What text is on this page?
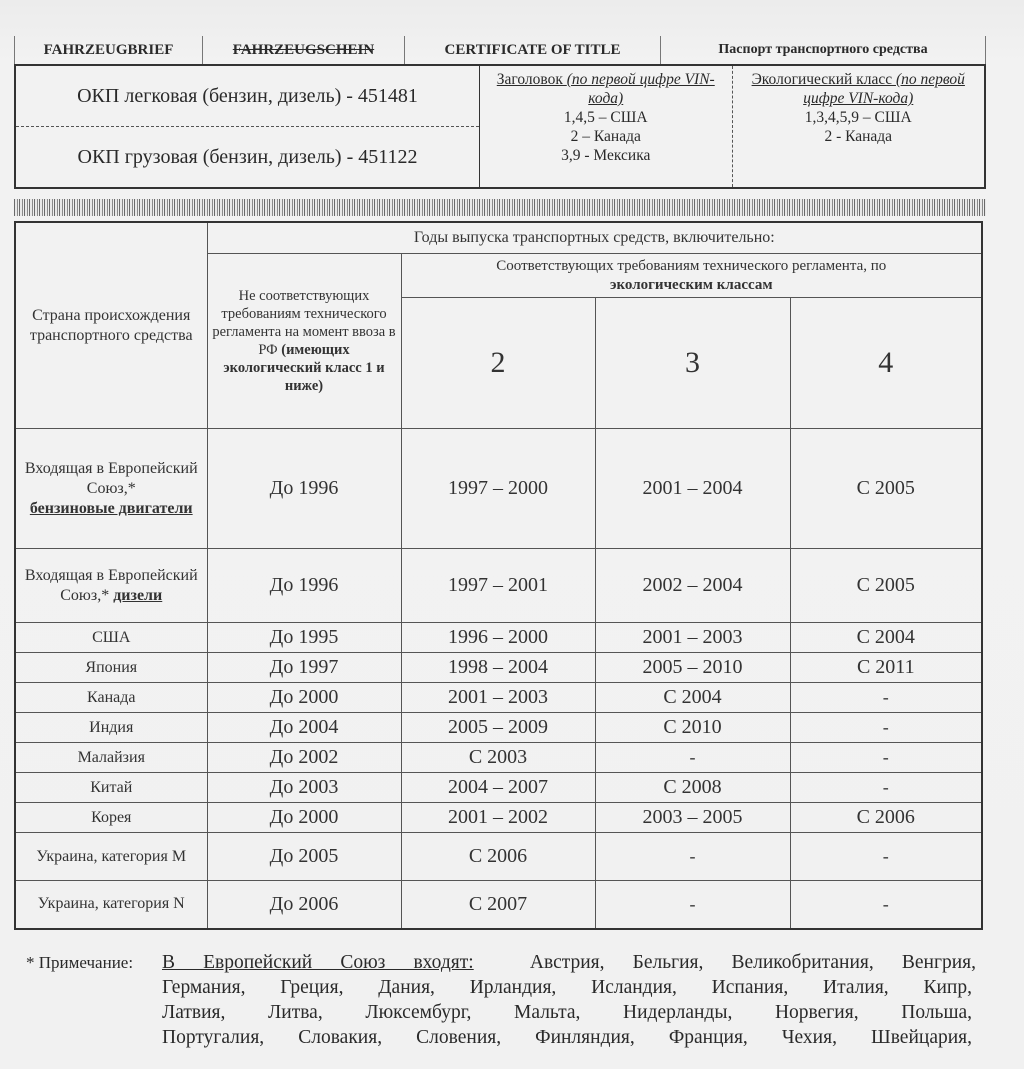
FAHRZEUGBRIEF	FAHRZEUGSCHEIN	CERTIFICATE OF TITLE	Паспорт транспортного средства
ОКП легковая (бензин, дизель) - 451481
ОКП грузовая (бензин, дизель) - 451122
Заголовок (по первой цифре VIN-кода)
1,4,5 – США
2 – Канада
3,9 - Мексика
Экологический класс (по первой цифре VIN-кода)
1,3,4,5,9 – США
2 - Канада
Страна происхождения транспортного средства	Годы выпуска транспортных средств, включительно:			
	Не соответствующих требованиям технического регламента на момент ввоза в РФ (имеющих экологический класс 1 и ниже)	Соответствующих требованиям технического регламента, по
экологическим классам		
		2	3	4
Входящая в Европейский Союз,*
бензиновые двигатели	До 1996	1997 – 2000	2001 – 2004	С 2005
Входящая в Европейский Союз,* дизели	До 1996	1997 – 2001	2002 – 2004	С 2005
США	До 1995	1996 – 2000	2001 – 2003	С 2004
Япония	До 1997	1998 – 2004	2005 – 2010	С 2011
Канада	До 2000	2001 – 2003	С 2004	-
Индия	До 2004	2005 – 2009	С 2010	-
Малайзия	До 2002	С 2003	-	-
Китай	До 2003	2004 – 2007	С 2008	-
Корея	До 2000	2001 – 2002	2003 – 2005	С 2006
Украина, категория M	До 2005	С 2006	-	-
Украина, категория N	До 2006	С 2007	-	-
* Примечание: В Европейский Союз входят:	Австрия, Бельгия, Великобритания, Венгрия,
Германия, Греция, Дания, Ирландия, Исландия, Испания, Италия, Кипр,
Латвия, Литва, Люксембург, Мальта, Нидерланды, Норвегия, Польша,
Португалия, Словакия, Словения, Финляндия, Франция, Чехия, Швейцария,
